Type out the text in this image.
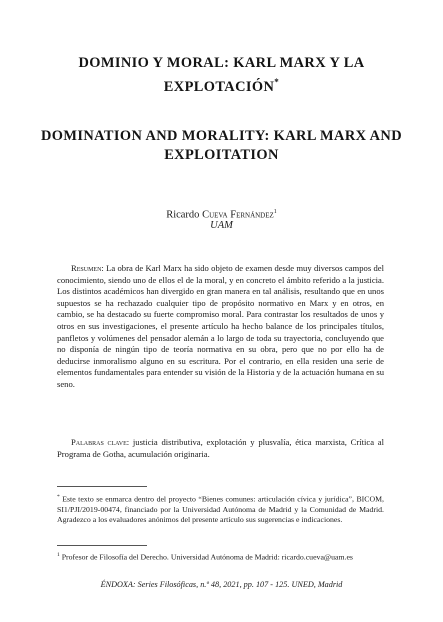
DOMINIO Y MORAL: KARL MARX Y LA EXPLOTACIÓN*
DOMINATION AND MORALITY: KARL MARX AND EXPLOITATION
Ricardo Cueva Fernández$^1$
UAM

Resumen: La obra de Karl Marx ha sido objeto de examen desde muy diversos campos del conocimiento, siendo uno de ellos el de la moral, y en concreto el ámbito referido a la justicia. Los distintos académicos han divergido en gran manera en tal análisis, resultando que en unos supuestos se ha rechazado cualquier tipo de propósito normativo en Marx y en otros, en cambio, se ha destacado su fuerte compromiso moral. Para contrastar los resultados de unos y otros en sus investigaciones, el presente artículo ha hecho balance de los principales títulos, panfletos y volúmenes del pensador alemán a lo largo de toda su trayectoria, concluyendo que no disponía de ningún tipo de teoría normativa en su obra, pero que no por ello ha de deducirse inmoralismo alguno en su escritura. Por el contrario, en ella residen una serie de elementos fundamentales para entender su visión de la Historia y de la actuación humana en su seno.

Palabras clave: justicia distributiva, explotación y plusvalía, ética marxista, Crítica al Programa de Gotha, acumulación originaria.

* Este texto se enmarca dentro del proyecto “Bienes comunes: articulación cívica y jurídica”, BICOM, SI1/PJI/2019-00474, financiado por la Universidad Autónoma de Madrid y la Comunidad de Madrid. Agradezco a los evaluadores anónimos del presente artículo sus sugerencias e indicaciones.

$^1$ Profesor de Filosofía del Derecho. Universidad Autónoma de Madrid: ricardo.cueva@uam.es

ÉNDOXA: Series Filosóficas, n.º 48, 2021, pp. 107 - 125. UNED, Madrid
